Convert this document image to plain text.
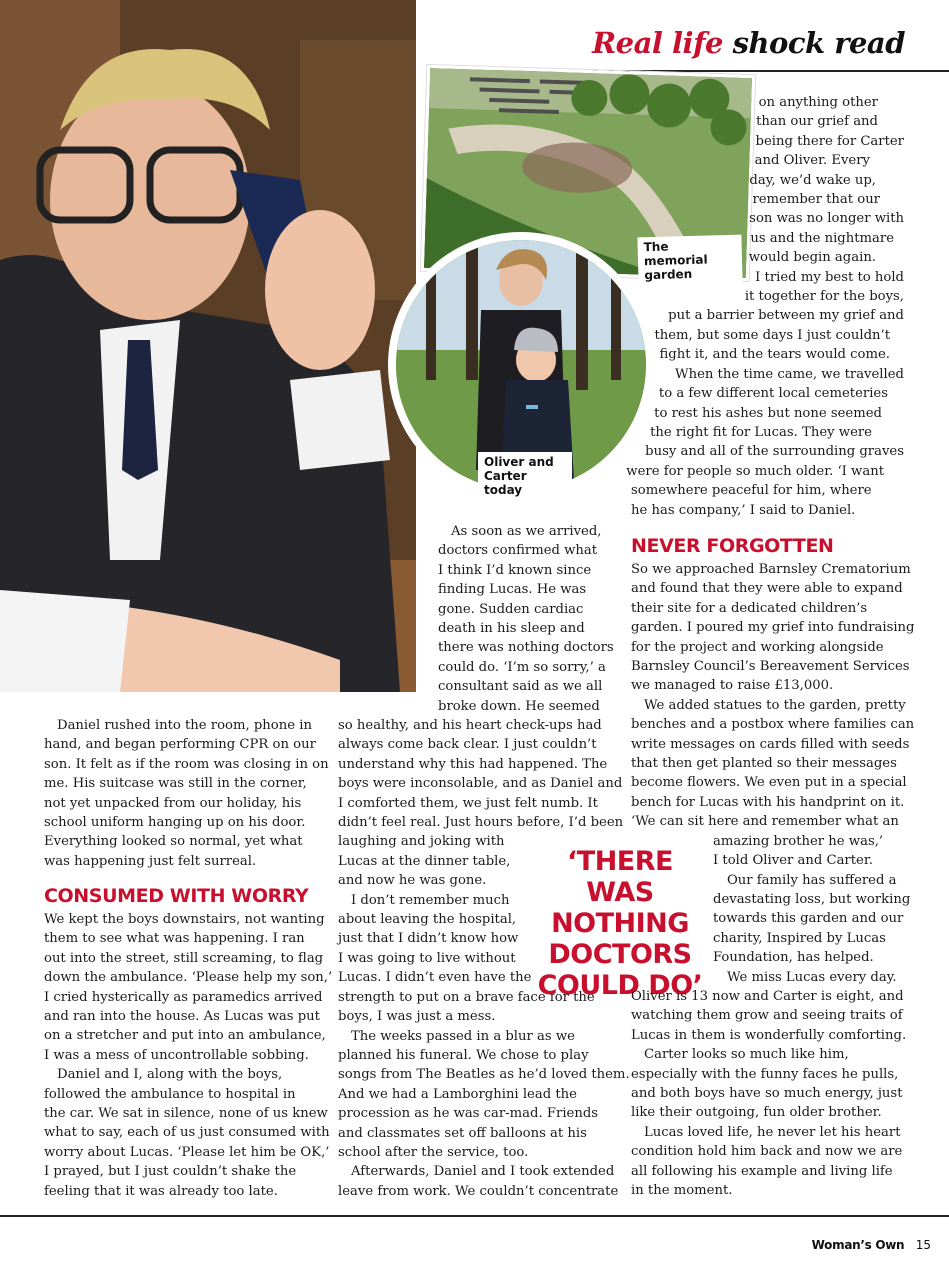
Real life shock read
The memorial garden
Oliver and Carter today
on anything other
than our grief and
being there for Carter
and Oliver. Every
day, we’d wake up,
remember that our
son was no longer with
us and the nightmare
would begin again.
I tried my best to hold
it together for the boys,
put a barrier between my grief and
them, but some days I just couldn’t
fight it, and the tears would come.
When the time came, we travelled
to a few different local cemeteries
to rest his ashes but none seemed
the right fit for Lucas. They were
busy and all of the surrounding graves
were for people so much older. ‘I want
somewhere peaceful for him, where
he has company,’ I said to Daniel.
As soon as we arrived,
doctors confirmed what
I think I’d known since
finding Lucas. He was
gone. Sudden cardiac
death in his sleep and
there was nothing doctors
could do. ‘I’m so sorry,’ a
consultant said as we all
broke down. He seemed
so healthy, and his heart check-ups had
always come back clear. I just couldn’t
understand why this had happened. The
boys were inconsolable, and as Daniel and
I comforted them, we just felt numb. It
didn’t feel real. Just hours before, I’d been
laughing and joking with
Lucas at the dinner table,
and now he was gone.
I don’t remember much
about leaving the hospital,
just that I didn’t know how
I was going to live without
Lucas. I didn’t even have the
strength to put on a brave face for the
boys, I was just a mess.
The weeks passed in a blur as we
planned his funeral. We chose to play
songs from The Beatles as he’d loved them.
And we had a Lamborghini lead the
procession as he was car-mad. Friends
and classmates set off balloons at his
school after the service, too.
Afterwards, Daniel and I took extended
leave from work. We couldn’t concentrate
‘THERE WAS NOTHING DOCTORS COULD DO’
Daniel rushed into the room, phone in
hand, and began performing CPR on our
son. It felt as if the room was closing in on
me. His suitcase was still in the corner,
not yet unpacked from our holiday, his
school uniform hanging up on his door.
Everything looked so normal, yet what
was happening just felt surreal.
CONSUMED WITH WORRY
We kept the boys downstairs, not wanting
them to see what was happening. I ran
out into the street, still screaming, to flag
down the ambulance. ‘Please help my son,’
I cried hysterically as paramedics arrived
and ran into the house. As Lucas was put
on a stretcher and put into an ambulance,
I was a mess of uncontrollable sobbing.
Daniel and I, along with the boys,
followed the ambulance to hospital in
the car. We sat in silence, none of us knew
what to say, each of us just consumed with
worry about Lucas. ‘Please let him be OK,’
I prayed, but I just couldn’t shake the
feeling that it was already too late.
NEVER FORGOTTEN
So we approached Barnsley Crematorium
and found that they were able to expand
their site for a dedicated children’s
garden. I poured my grief into fundraising
for the project and working alongside
Barnsley Council’s Bereavement Services
we managed to raise £13,000.
We added statues to the garden, pretty
benches and a postbox where families can
write messages on cards filled with seeds
that then get planted so their messages
become flowers. We even put in a special
bench for Lucas with his handprint on it.
‘We can sit here and remember what an
amazing brother he was,’
I told Oliver and Carter.
Our family has suffered a
devastating loss, but working
towards this garden and our
charity, Inspired by Lucas
Foundation, has helped.
We miss Lucas every day.
Oliver is 13 now and Carter is eight, and
watching them grow and seeing traits of
Lucas in them is wonderfully comforting.
Carter looks so much like him,
especially with the funny faces he pulls,
and both boys have so much energy, just
like their outgoing, fun older brother.
Lucas loved life, he never let his heart
condition hold him back and now we are
all following his example and living life
in the moment.
Woman’s Own 15
